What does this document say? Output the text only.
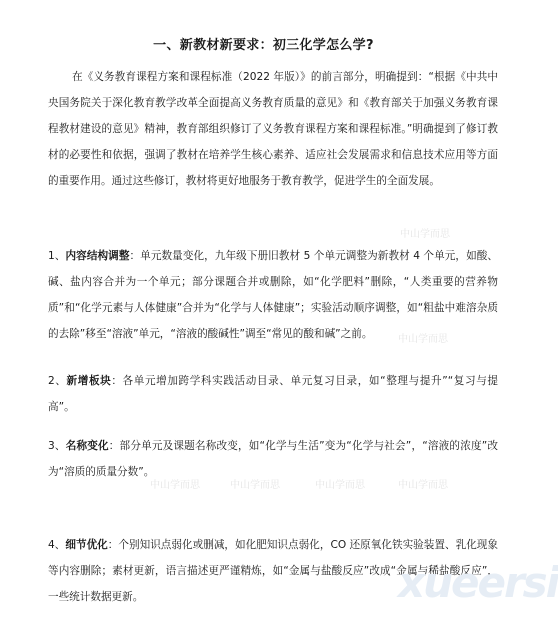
一、新教材新要求：初三化学怎么学?
在《义务教育课程方案和课程标准（2022 年版）》的前言部分，明确提到：“根据《中共中央国务院关于深化教育教学改革全面提高义务教育质量的意见》和《教育部关于加强义务教育课程教材建设的意见》精神，教育部组织修订了义务教育课程方案和课程标准。”明确提到了修订教材的必要性和依据，强调了教材在培养学生核心素养、适应社会发展需求和信息技术应用等方面的重要作用。通过这些修订，教材将更好地服务于教育教学，促进学生的全面发展。
1、内容结构调整：单元数量变化，九年级下册旧教材 5 个单元调整为新教材 4 个单元，如酸、碱、盐内容合并为一个单元；部分课题合并或删除，如“化学肥料”删除，“人类重要的营养物质”和“化学元素与人体健康”合并为“化学与人体健康”；实验活动顺序调整，如“粗盐中难溶杂质的去除”移至“溶液”单元，“溶液的酸碱性”调至“常见的酸和碱”之前。
2、新增板块：各单元增加跨学科实践活动目录、单元复习目录，如“整理与提升”“复习与提高”。
3、名称变化：部分单元及课题名称改变，如“化学与生活”变为“化学与社会”，“溶液的浓度”改为“溶质的质量分数”。
4、细节优化：个别知识点弱化或删减，如化肥知识点弱化，CO 还原氧化铁实验装置、乳化现象等内容删除；素材更新，语言描述更严谨精炼，如“金属与盐酸反应”改成“金属与稀盐酸反应”，一些统计数据更新。
中山学而思
中山学而思
中山学而思	中山学而思	中山学而思	中山学而思
xueersi
